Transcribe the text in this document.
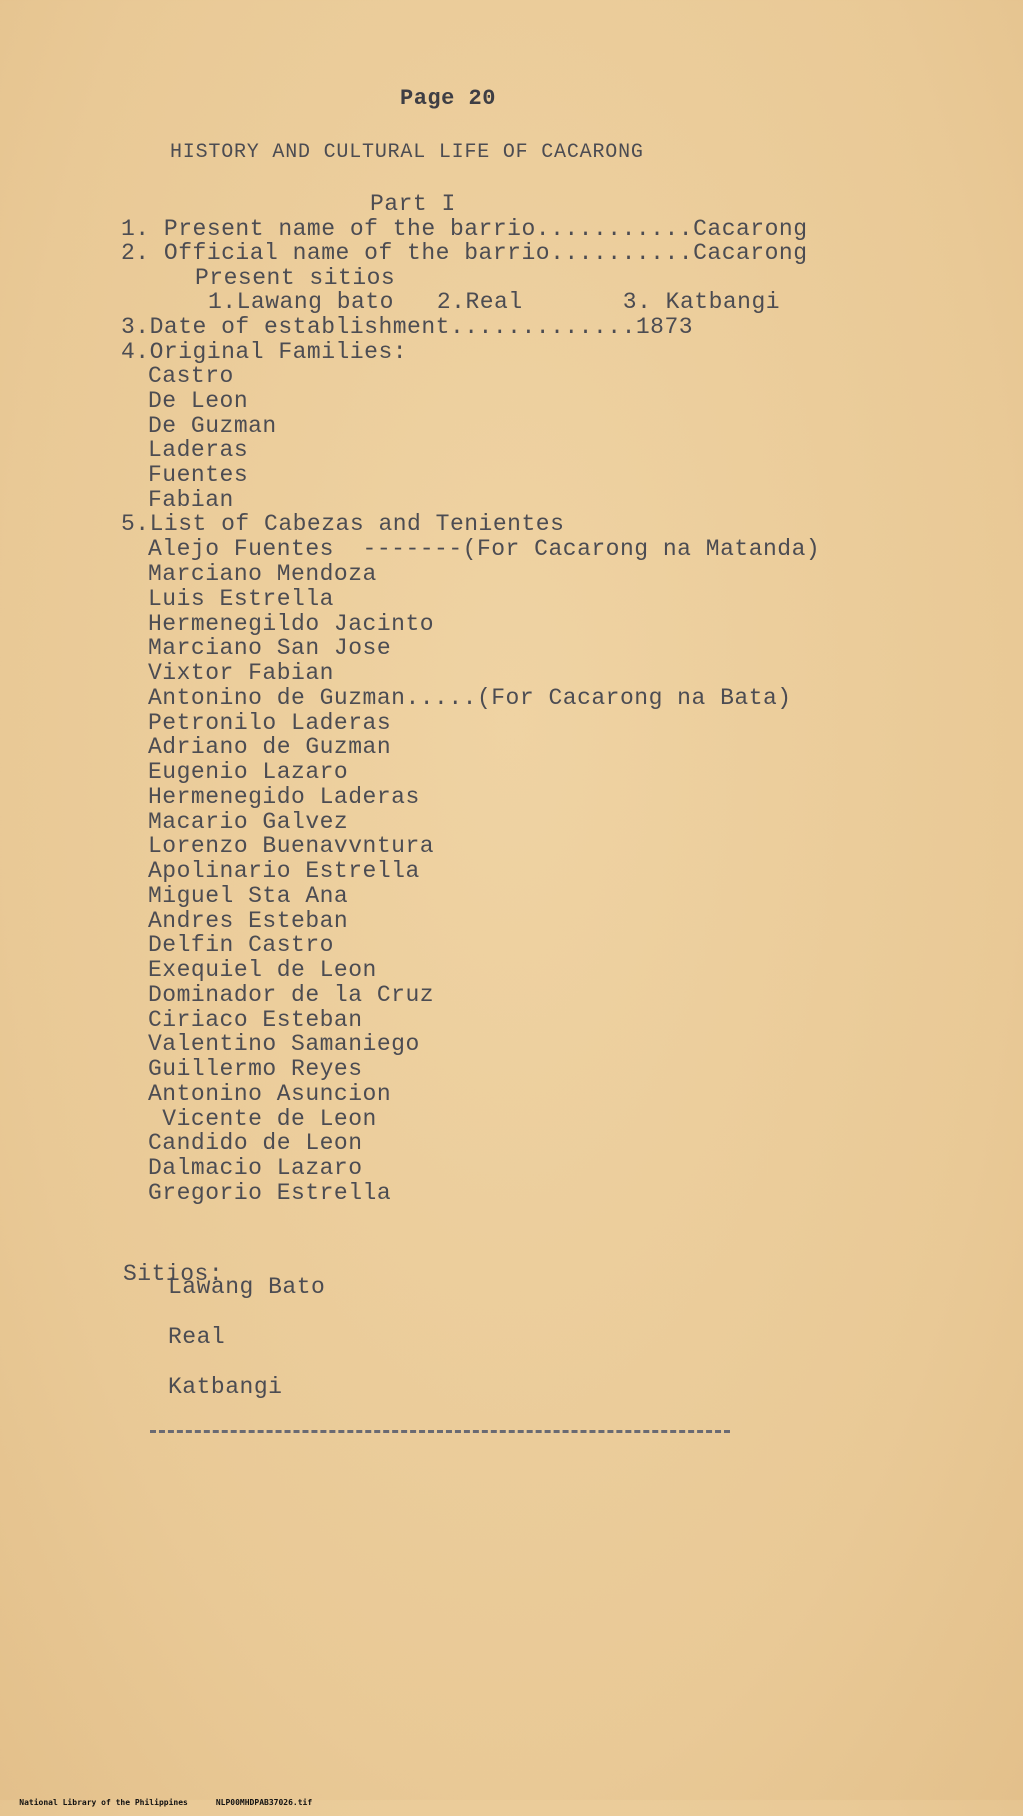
Page 20
HISTORY AND CULTURAL LIFE OF CACARONG
Part I
1. Present name of the barrio...........Cacarong
2. Official name of the barrio..........Cacarong
Present sitios
1.Lawang bato   2.Real       3. Katbangi
3.Date of establishment.............1873
4.Original Families:
Castro
De Leon
De Guzman
Laderas
Fuentes
Fabian
5.List of Cabezas and Tenientes
Alejo Fuentes  -------(For Cacarong na Matanda)
Marciano Mendoza
Luis Estrella
Hermenegildo Jacinto
Marciano San Jose
Vixtor Fabian
Antonino de Guzman.....(For Cacarong na Bata)
Petronilo Laderas
Adriano de Guzman
Eugenio Lazaro
Hermenegido Laderas
Macario Galvez
Lorenzo Buenavvntura
Apolinario Estrella
Miguel Sta Ana
Andres Esteban
Delfin Castro
Exequiel de Leon
Dominador de la Cruz
Ciriaco Esteban
Valentino Samaniego
Guillermo Reyes
Antonino Asuncion
Vicente de Leon
Candido de Leon
Dalmacio Lazaro
Gregorio Estrella
Sitios:
Lawang Bato
Real
Katbangi

National Library of the Philippines	NLP00MHDPAB37026.tif
